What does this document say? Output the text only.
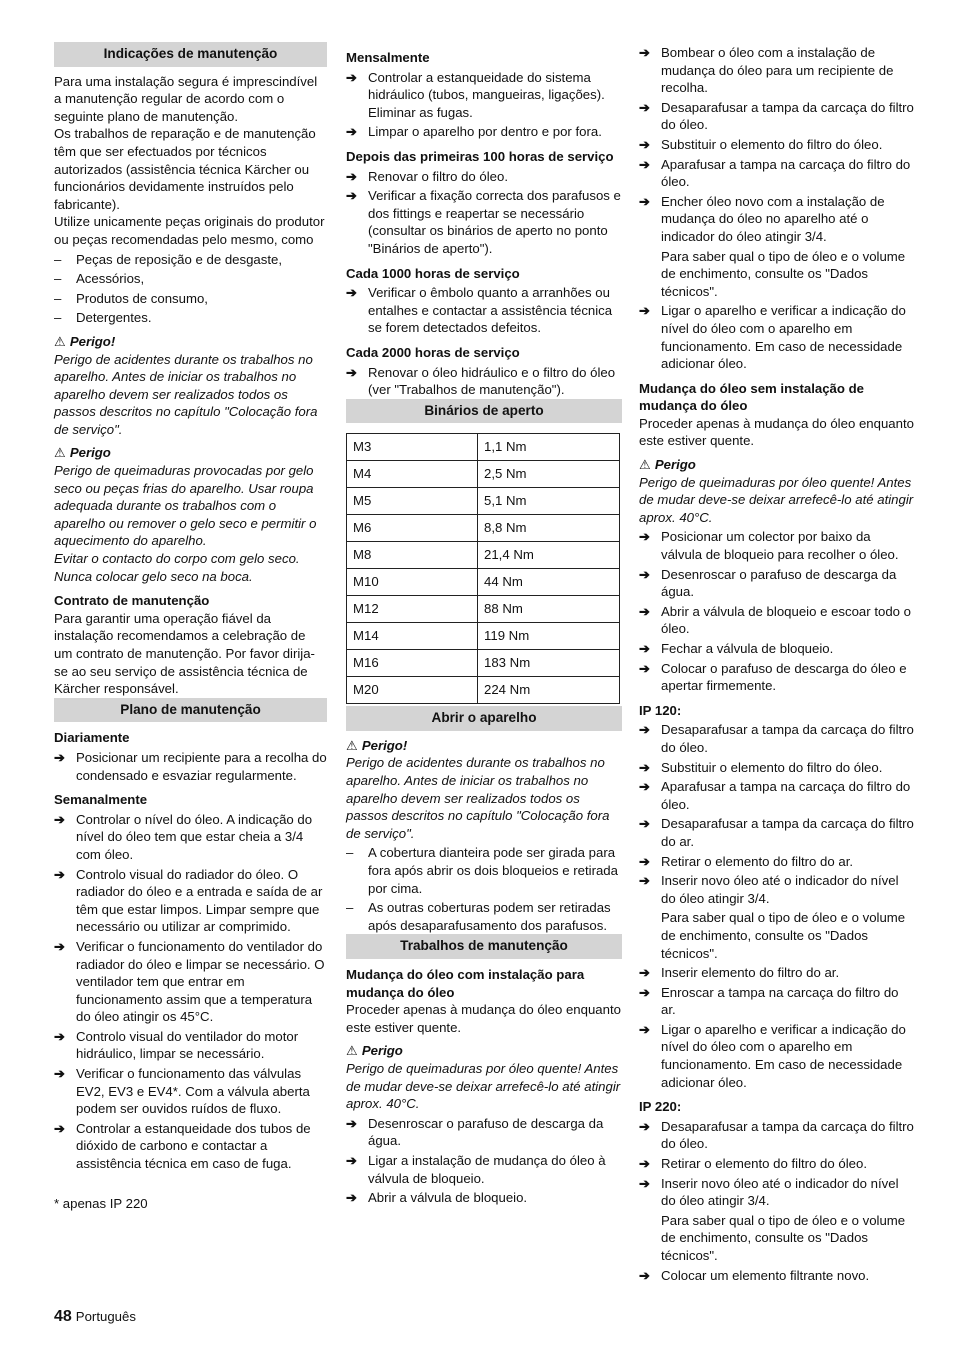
Indicações de manutenção
Para uma instalação segura é imprescindível a manutenção regular de acordo com o seguinte plano de manutenção.
Os trabalhos de reparação e de manutenção têm que ser efectuados por técnicos autorizados (assistência técnica Kärcher ou funcionários devidamente instruídos pelo fabricante).
Utilize unicamente peças originais do produtor ou peças recomendadas pelo mesmo, como
– Peças de reposição e de desgaste,
– Acessórios,
– Produtos de consumo,
– Detergentes.
⚠ Perigo!
Perigo de acidentes durante os trabalhos no aparelho. Antes de iniciar os trabalhos no aparelho devem ser realizados todos os passos descritos no capítulo "Colocação fora de serviço".
⚠ Perigo
Perigo de queimaduras provocadas por gelo seco ou peças frias do aparelho. Usar roupa adequada durante os trabalhos com o aparelho ou remover o gelo seco e permitir o aquecimento do aparelho.
Evitar o contacto do corpo com gelo seco. Nunca colocar gelo seco na boca.
Contrato de manutenção
Para garantir uma operação fiável da instalação recomendamos a celebração de um contrato de manutenção. Por favor dirija-se ao seu serviço de assistência técnica de Kärcher responsável.
Plano de manutenção
Diariamente
➔ Posicionar um recipiente para a recolha do condensado e esvaziar regularmente.
Semanalmente
➔ Controlar o nível do óleo. A indicação do nível do óleo tem que estar cheia a 3/4 com óleo.
➔ Controlo visual do radiador do óleo. O radiador do óleo e a entrada e saída de ar têm que estar limpos. Limpar sempre que necessário ou utilizar ar comprimido.
➔ Verificar o funcionamento do ventilador do radiador do óleo e limpar se necessário. O ventilador tem que entrar em funcionamento assim que a temperatura do óleo atingir os 45°C.
➔ Controlo visual do ventilador do motor hidráulico, limpar se necessário.
➔ Verificar o funcionamento das válvulas EV2, EV3 e EV4*. Com a válvula aberta podem ser ouvidos ruídos de fluxo.
➔ Controlar a estanqueidade dos tubos de dióxido de carbono e contactar a assistência técnica em caso de fuga.
* apenas IP 220
Mensalmente
➔ Controlar a estanqueidade do sistema hidráulico (tubos, mangueiras, ligações). Eliminar as fugas.
➔ Limpar o aparelho por dentro e por fora.
Depois das primeiras 100 horas de serviço
➔ Renovar o filtro do óleo.
➔ Verificar a fixação correcta dos parafusos e dos fittings e reapertar se necessário (consultar os binários de aperto no ponto "Binários de aperto").
Cada 1000 horas de serviço
➔ Verificar o êmbolo quanto a arranhões ou entalhes e contactar a assistência técnica se forem detectados defeitos.
Cada 2000 horas de serviço
➔ Renovar o óleo hidráulico e o filtro do óleo (ver "Trabalhos de manutenção").
Binários de aperto
M3	1,1 Nm
M4	2,5 Nm
M5	5,1 Nm
M6	8,8 Nm
M8	21,4 Nm
M10	44 Nm
M12	88 Nm
M14	119 Nm
M16	183 Nm
M20	224 Nm
Abrir o aparelho
⚠ Perigo!
Perigo de acidentes durante os trabalhos no aparelho. Antes de iniciar os trabalhos no aparelho devem ser realizados todos os passos descritos no capítulo "Colocação fora de serviço".
– A cobertura dianteira pode ser girada para fora após abrir os dois bloqueios e retirada por cima.
– As outras coberturas podem ser retiradas após desaparafusamento dos parafusos.
Trabalhos de manutenção
Mudança do óleo com instalação para mudança do óleo
Proceder apenas à mudança do óleo enquanto este estiver quente.
⚠ Perigo
Perigo de queimaduras por óleo quente! Antes de mudar deve-se deixar arrefecê-lo até atingir aprox. 40°C.
➔ Desenroscar o parafuso de descarga da água.
➔ Ligar a instalação de mudança do óleo à válvula de bloqueio.
➔ Abrir a válvula de bloqueio.
➔ Bombear o óleo com a instalação de mudança do óleo para um recipiente de recolha.
➔ Desaparafusar a tampa da carcaça do filtro do óleo.
➔ Substituir o elemento do filtro do óleo.
➔ Aparafusar a tampa na carcaça do filtro do óleo.
➔ Encher óleo novo com a instalação de mudança do óleo no aparelho até o indicador do óleo atingir 3/4.
Para saber qual o tipo de óleo e o volume de enchimento, consulte os "Dados técnicos".
➔ Ligar o aparelho e verificar a indicação do nível do óleo com o aparelho em funcionamento. Em caso de necessidade adicionar óleo.
Mudança do óleo sem instalação de mudança do óleo
Proceder apenas à mudança do óleo enquanto este estiver quente.
⚠ Perigo
Perigo de queimaduras por óleo quente! Antes de mudar deve-se deixar arrefecê-lo até atingir aprox. 40°C.
➔ Posicionar um colector por baixo da válvula de bloqueio para recolher o óleo.
➔ Desenroscar o parafuso de descarga da água.
➔ Abrir a válvula de bloqueio e escoar todo o óleo.
➔ Fechar a válvula de bloqueio.
➔ Colocar o parafuso de descarga do óleo e apertar firmemente.
IP 120:
➔ Desaparafusar a tampa da carcaça do filtro do óleo.
➔ Substituir o elemento do filtro do óleo.
➔ Aparafusar a tampa na carcaça do filtro do óleo.
➔ Desaparafusar a tampa da carcaça do filtro do ar.
➔ Retirar o elemento do filtro do ar.
➔ Inserir novo óleo até o indicador do nível do óleo atingir 3/4.
Para saber qual o tipo de óleo e o volume de enchimento, consulte os "Dados técnicos".
➔ Inserir elemento do filtro do ar.
➔ Enroscar a tampa na carcaça do filtro do ar.
➔ Ligar o aparelho e verificar a indicação do nível do óleo com o aparelho em funcionamento. Em caso de necessidade adicionar óleo.
IP 220:
➔ Desaparafusar a tampa da carcaça do filtro do óleo.
➔ Retirar o elemento do filtro do óleo.
➔ Inserir novo óleo até o indicador do nível do óleo atingir 3/4.
Para saber qual o tipo de óleo e o volume de enchimento, consulte os "Dados técnicos".
➔ Colocar um elemento filtrante novo.
48 Português
